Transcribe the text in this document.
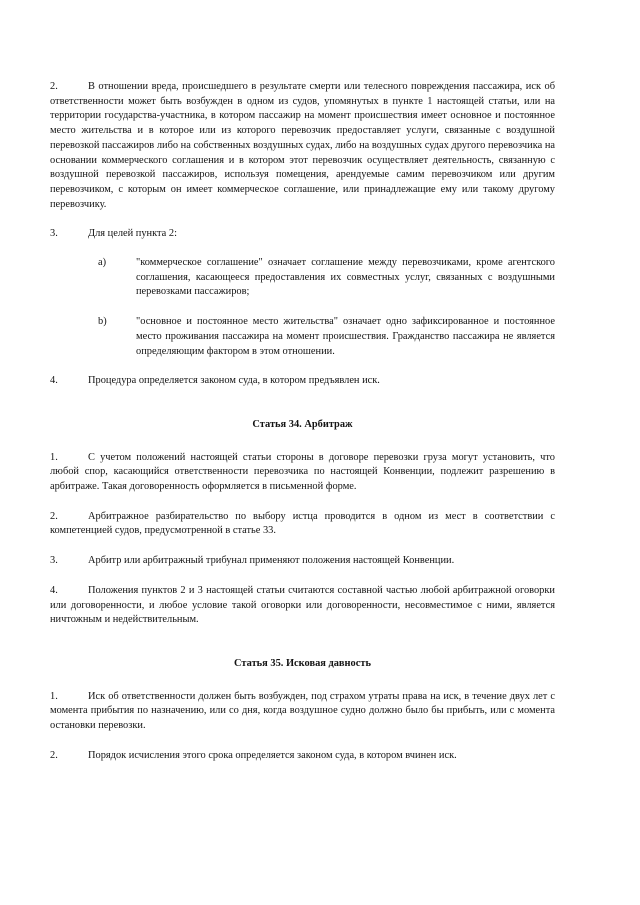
2.	В отношении вреда, происшедшего в результате смерти или телесного повреждения пассажира, иск об ответственности может быть возбужден в одном из судов, упомянутых в пункте 1 настоящей статьи, или на территории государства-участника, в котором пассажир на момент происшествия имеет основное и постоянное место жительства и в которое или из которого перевозчик предоставляет услуги, связанные с воздушной перевозкой пассажиров либо на собственных воздушных судах, либо на воздушных судах другого перевозчика на основании коммерческого соглашения и в котором этот перевозчик осуществляет деятельность, связанную с воздушной перевозкой пассажиров, используя помещения, арендуемые самим перевозчиком или другим перевозчиком, с которым он имеет коммерческое соглашение, или принадлежащие ему или такому другому перевозчику.
3.	Для целей пункта 2:
a)	"коммерческое соглашение" означает соглашение между перевозчиками, кроме агентского соглашения, касающееся предоставления их совместных услуг, связанных с воздушными перевозками пассажиров;
b)	"основное и постоянное место жительства" означает одно зафиксированное и постоянное место проживания пассажира на момент происшествия. Гражданство пассажира не является определяющим фактором в этом отношении.
4.	Процедура определяется законом суда, в котором предъявлен иск.

Статья 34. Арбитраж

1.	С учетом положений настоящей статьи стороны в договоре перевозки груза могут установить, что любой спор, касающийся ответственности перевозчика по настоящей Конвенции, подлежит разрешению в арбитраже. Такая договоренность оформляется в письменной форме.
2.	Арбитражное разбирательство по выбору истца проводится в одном из мест в соответствии с компетенцией судов, предусмотренной в статье 33.
3.	Арбитр или арбитражный трибунал применяют положения настоящей Конвенции.
4.	Положения пунктов 2 и 3 настоящей статьи считаются составной частью любой арбитражной оговорки или договоренности, и любое условие такой оговорки или договоренности, несовместимое с ними, является ничтожным и недействительным.

Статья 35. Исковая давность

1.	Иск об ответственности должен быть возбужден, под страхом утраты права на иск, в течение двух лет с момента прибытия по назначению, или со дня, когда воздушное судно должно было бы прибыть, или с момента остановки перевозки.
2.	Порядок исчисления этого срока определяется законом суда, в котором вчинен иск.
